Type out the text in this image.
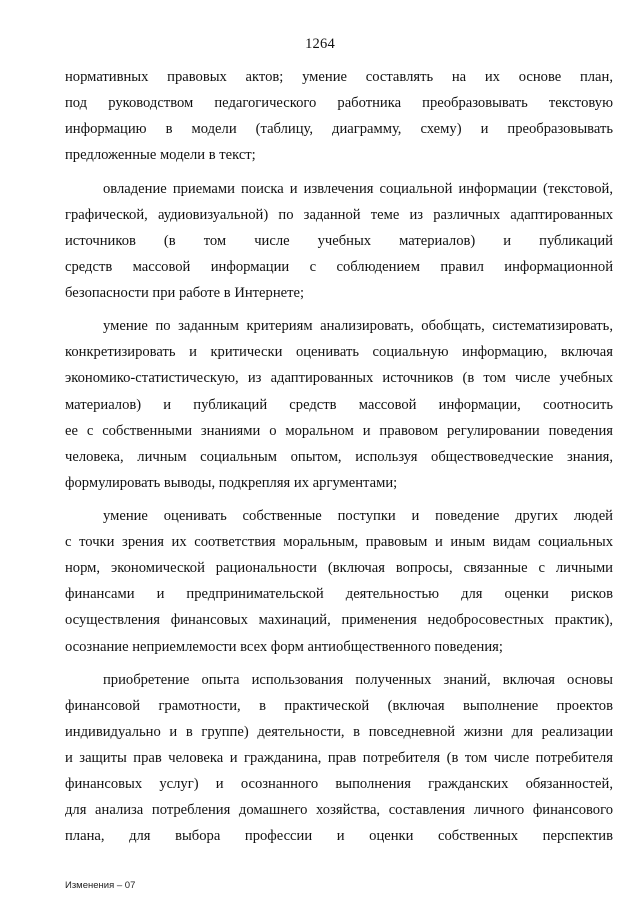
1264
нормативных правовых актов; умение составлять на их основе план,
под руководством педагогического работника преобразовывать текстовую
информацию в модели (таблицу, диаграмму, схему) и преобразовывать
предложенные модели в текст;
овладение приемами поиска и извлечения социальной информации (текстовой,
графической, аудиовизуальной) по заданной теме из различных адаптированных
источников (в том числе учебных материалов) и публикаций
средств массовой информации с соблюдением правил информационной
безопасности при работе в Интернете;
умение по заданным критериям анализировать, обобщать, систематизировать,
конкретизировать и критически оценивать социальную информацию, включая
экономико-статистическую, из адаптированных источников (в том числе учебных
материалов) и публикаций средств массовой информации, соотносить
ее с собственными знаниями о моральном и правовом регулировании поведения
человека, личным социальным опытом, используя обществоведческие знания,
формулировать выводы, подкрепляя их аргументами;
умение оценивать собственные поступки и поведение других людей
с точки зрения их соответствия моральным, правовым и иным видам социальных
норм, экономической рациональности (включая вопросы, связанные с личными
финансами и предпринимательской деятельностью для оценки рисков
осуществления финансовых махинаций, применения недобросовестных практик),
осознание неприемлемости всех форм антиобщественного поведения;
приобретение опыта использования полученных знаний, включая основы
финансовой грамотности, в практической (включая выполнение проектов
индивидуально и в группе) деятельности, в повседневной жизни для реализации
и защиты прав человека и гражданина, прав потребителя (в том числе потребителя
финансовых услуг) и осознанного выполнения гражданских обязанностей,
для анализа потребления домашнего хозяйства, составления личного финансового
плана, для выбора профессии и оценки собственных перспектив
Изменения – 07
